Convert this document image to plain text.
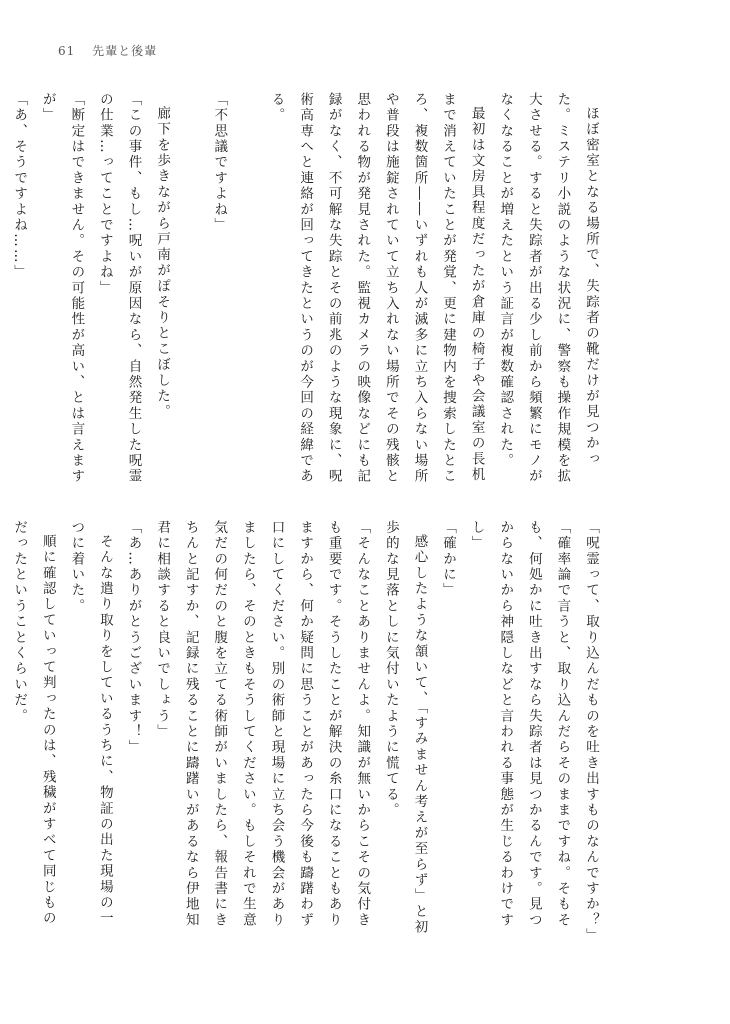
61 先輩と後輩
ほぼ密室となる場所で、失踪者の靴だけが見つかった。ミステリ小説のような状況に、警察も操作規模を拡大させる。すると失踪者が出る少し前から頻繁にモノがなくなることが増えたという証言が複数確認された。
最初は文房具程度だったが倉庫の椅子や会議室の長机まで消えていたことが発覚、更に建物内を捜索したところ、複数箇所――いずれも人が滅多に立ち入らない場所や普段は施錠されていて立ち入れない場所でその残骸と思われる物が発見された。監視カメラの映像などにも記録がなく、不可解な失踪とその前兆のような現象に、呪術高専へと連絡が回ってきたというのが今回の経緯である。

「不思議ですよね」

廊下を歩きながら戸南がぽそりとこぼした。
「この事件、もし…呪いが原因なら、自然発生した呪霊の仕業…ってことですよね」
「断定はできません。その可能性が高い、とは言えますが」
「あ、そうですよね……」
「呪霊って、取り込んだものを吐き出すものなんですか？」
「確率論で言うと、取り込んだらそのままですね。そもそも、何処かに吐き出すなら失踪者は見つかるんです。見つからないから神隠しなどと言われる事態が生じるわけですし」
「確かに」
感心したような頷いて、「すみません考えが至らず」と初歩的な見落としに気付いたように慌てる。
「そんなことありませんよ。知識が無いからこその気付きも重要です。そうしたことが解決の糸口になることもありますから、何か疑問に思うことがあったら今後も躊躇わず口にしてください。別の術師と現場に立ち会う機会がありましたら、そのときもそうしてください。もしそれで生意気だの何だのと腹を立てる術師がいましたら、報告書にきちんと記すか、記録に残ることに躊躇いがあるなら伊地知君に相談すると良いでしょう」
「あ…ありがとうございます！」
そんな遣り取りをしているうちに、物証の出た現場の一つに着いた。
順に確認していって判ったのは、残穢がすべて同じものだったということくらいだ。
